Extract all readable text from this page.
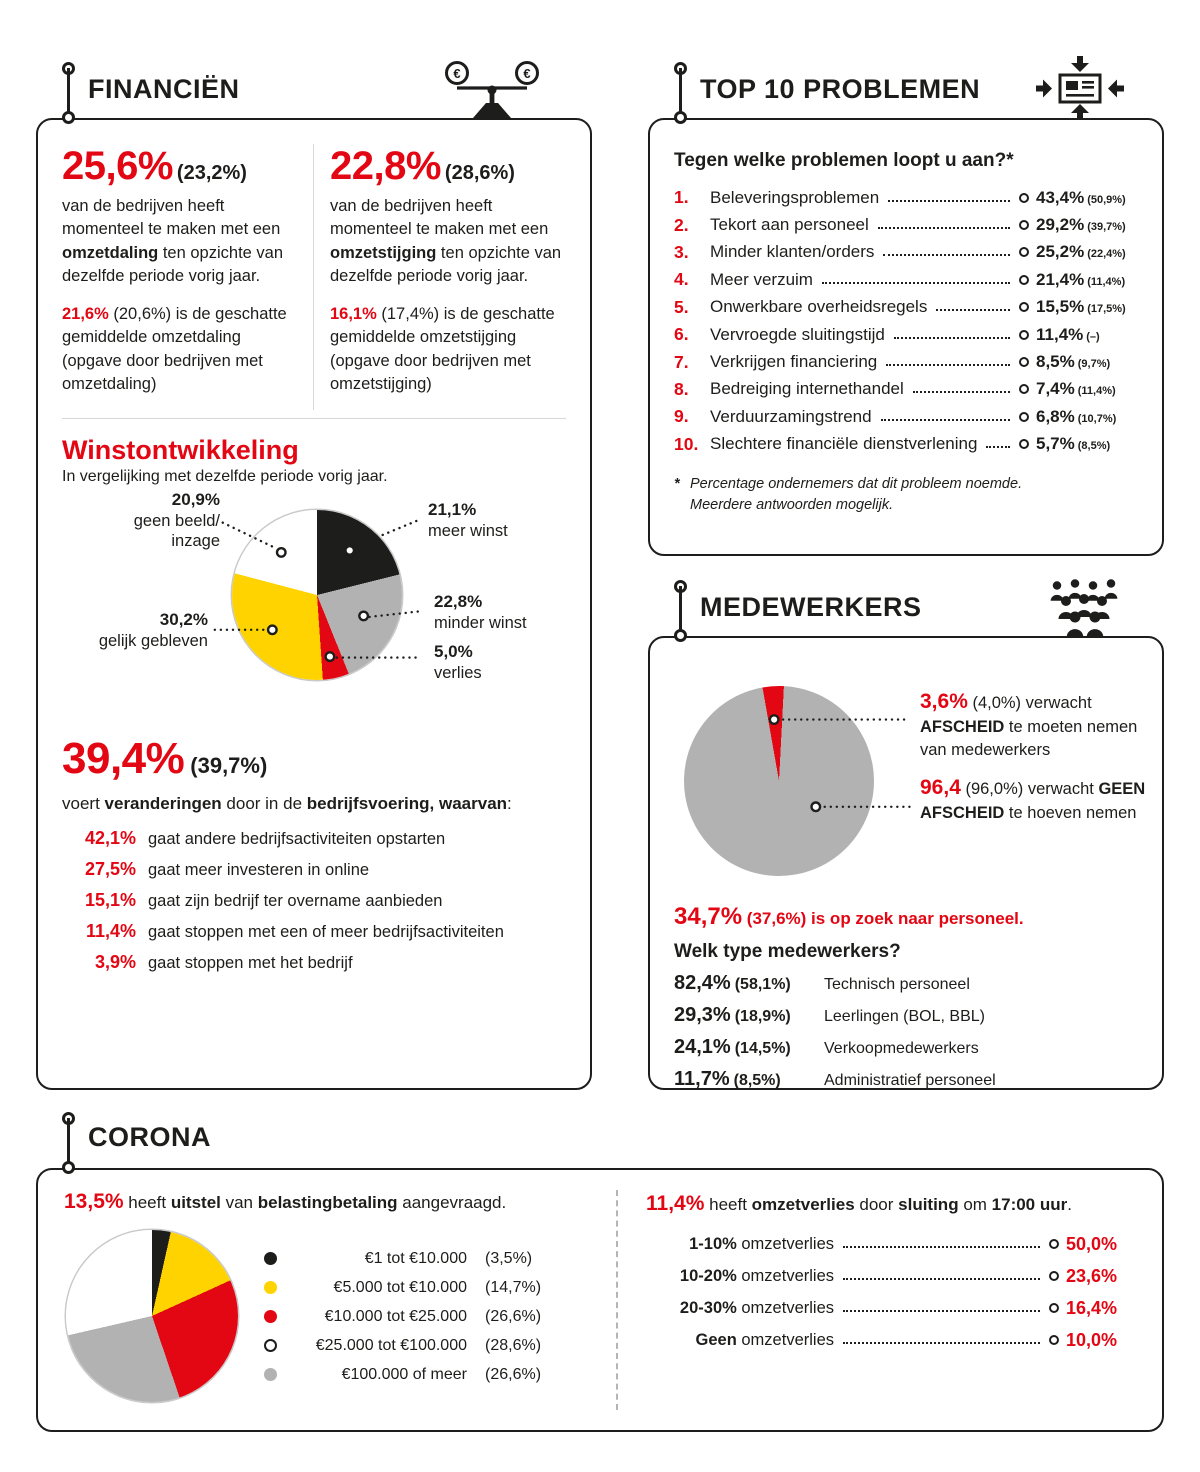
FINANCIËN
€	€
25,6% (23,2%)

van de bedrijven heeft momenteel te maken met een omzetdaling ten opzichte van dezelfde periode vorig jaar.

21,6% (20,6%) is de geschatte gemiddelde omzetdaling (opgave door bedrijven met omzetdaling)

22,8% (28,6%)

van de bedrijven heeft momenteel te maken met een omzetstijging ten opzichte van dezelfde periode vorig jaar.

16,1% (17,4%) is de geschatte gemiddelde omzetstijging (opgave door bedrijven met omzetstijging)

Winstontwikkeling
In vergelijking met dezelfde periode vorig jaar.
20,9%
geen beeld/
inzage
21,1%
meer winst
30,2%
gelijk gebleven
22,8%
minder winst
5,0%
verlies
39,4% (39,7%)
voert veranderingen door in de bedrijfsvoering, waarvan:
42,1% gaat andere bedrijfsactiviteiten opstarten
27,5% gaat meer investeren in online
15,1% gaat zijn bedrijf ter overname aanbieden
11,4% gaat stoppen met een of meer bedrijfsactiviteiten
3,9% gaat stoppen met het bedrijf
TOP 10 PROBLEMEN
Tegen welke problemen loopt u aan?*
1.	Beleveringsproblemen	43,4% (50,9%)
2.	Tekort aan personeel	29,2% (39,7%)
3.	Minder klanten/orders	25,2% (22,4%)
4.	Meer verzuim	21,4% (11,4%)
5.	Onwerkbare overheidsregels	15,5% (17,5%)
6.	Vervroegde sluitingstijd	11,4% (–)
7.	Verkrijgen financiering	8,5% (9,7%)
8.	Bedreiging internethandel	7,4% (11,4%)
9.	Verduurzamingstrend	6,8% (10,7%)
10. Slechtere financiële dienstverlening	5,7% (8,5%)
* Percentage ondernemers dat dit probleem noemde.
Meerdere antwoorden mogelijk.
MEDEWERKERS
3,6% (4,0%) verwacht AFSCHEID te moeten nemen van medewerkers
96,4 (96,0%) verwacht GEEN AFSCHEID te hoeven nemen
34,7% (37,6%) is op zoek naar personeel.
Welk type medewerkers?
82,4% (58,1%)	Technisch personeel
29,3% (18,9%)	Leerlingen (BOL, BBL)
24,1% (14,5%)	Verkoopmedewerkers
11,7% (8,5%)	Administratief personeel
CORONA
13,5% heeft uitstel van belastingbetaling aangevraagd.
€1 tot €10.000 (3,5%)
€5.000 tot €10.000 (14,7%)
€10.000 tot €25.000 (26,6%)
€25.000 tot €100.000 (28,6%)
€100.000 of meer (26,6%)
11,4% heeft omzetverlies door sluiting om 17:00 uur.
1-10% omzetverlies	50,0%
10-20% omzetverlies	23,6%
20-30% omzetverlies	16,4%
Geen omzetverlies	10,0%
